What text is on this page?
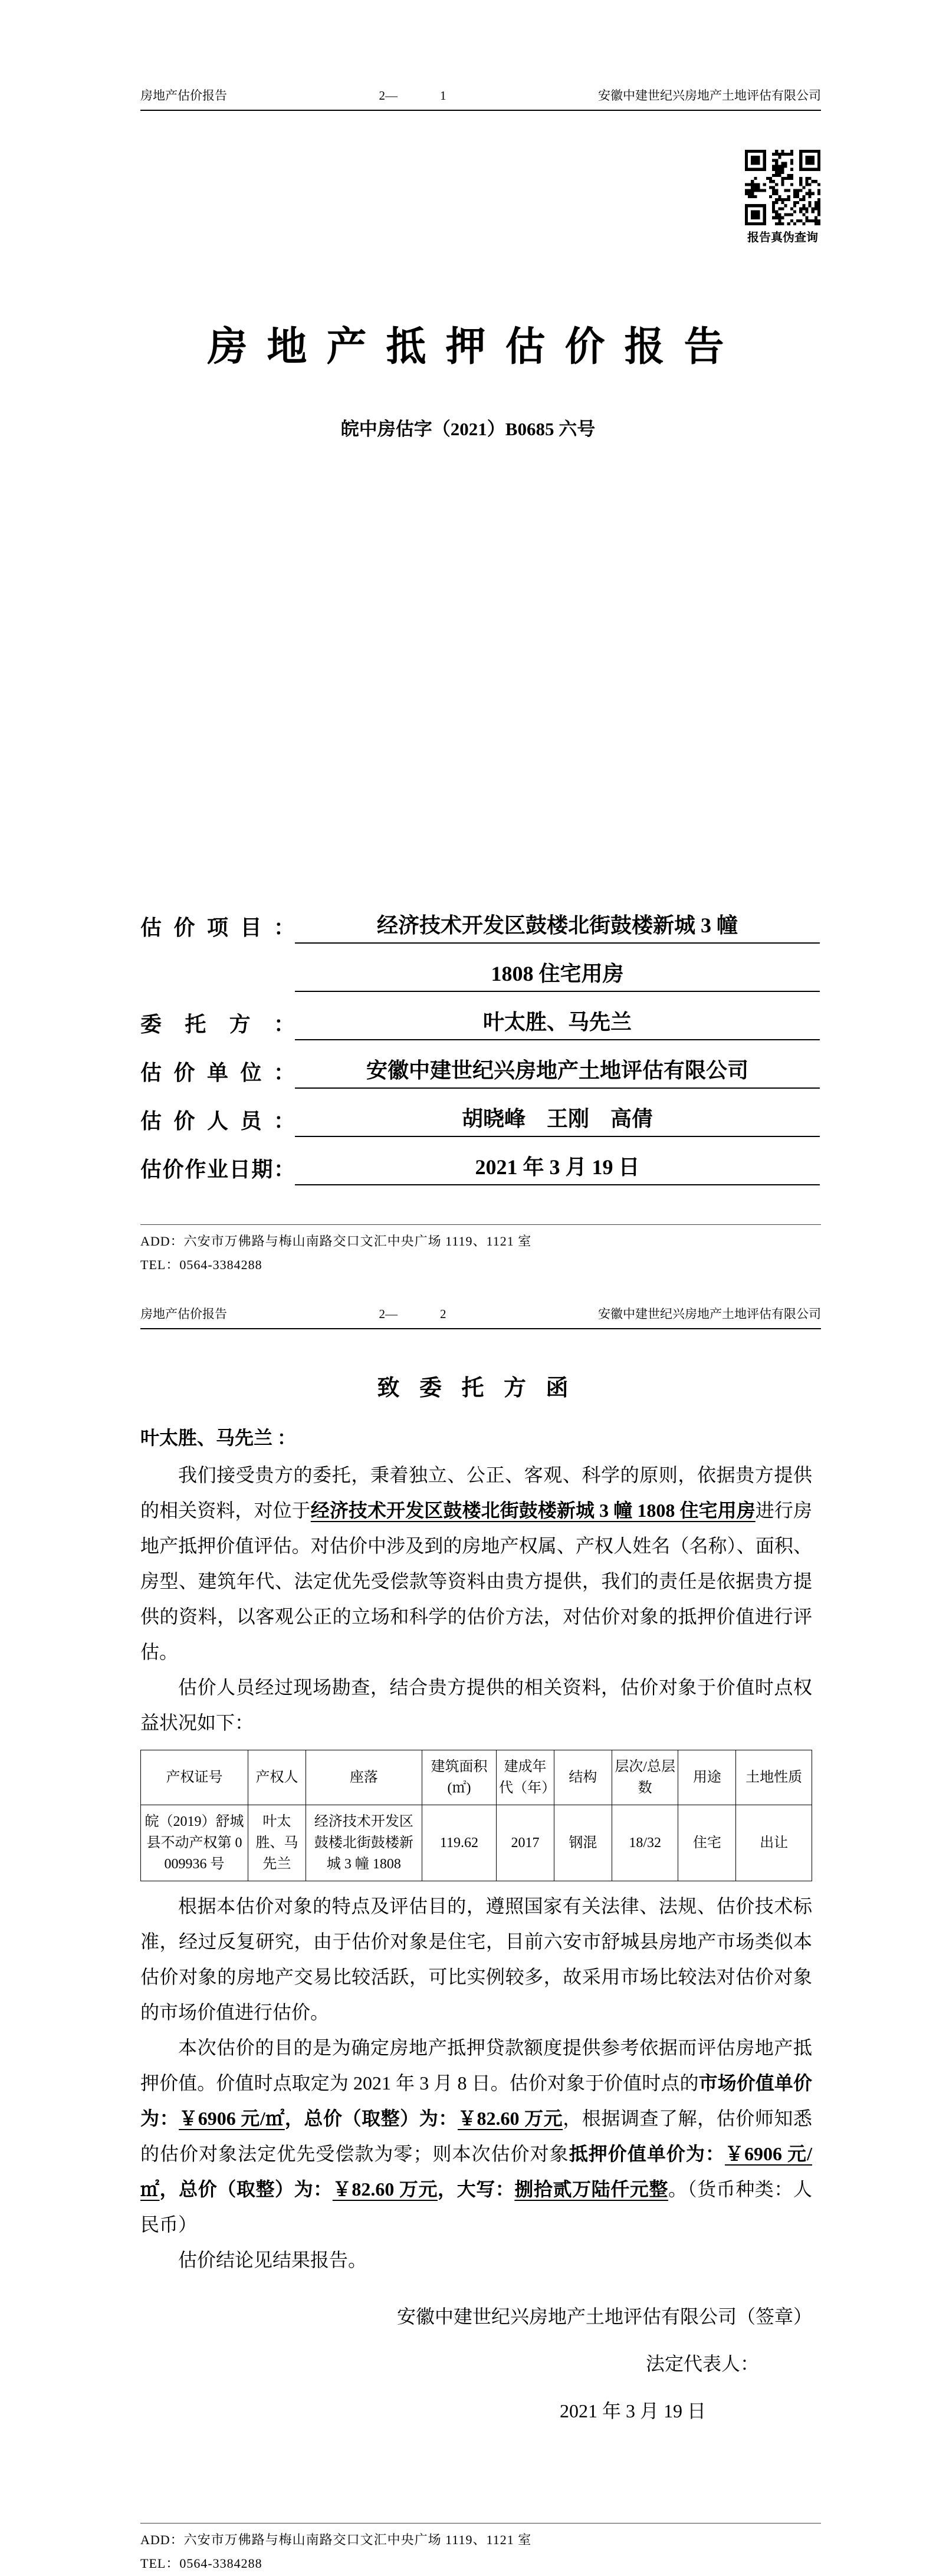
房地产估价报告	2—	1	安徽中建世纪兴房地产土地评估有限公司
报告真伪查询
房 地 产 抵 押 估 价 报 告
皖中房估字（2021）B0685 六号
估价项目：	经济技术开发区鼓楼北街鼓楼新城 3 幢
1808 住宅用房
委托方：	叶太胜、马先兰
估价单位：	安徽中建世纪兴房地产土地评估有限公司
估价人员：	胡晓峰　王刚　高倩
估价作业日期：	2021 年 3 月 19 日
ADD：六安市万佛路与梅山南路交口文汇中央广场 1119、1121 室
TEL：0564-3384288
房地产估价报告	2—	2	安徽中建世纪兴房地产土地评估有限公司
致 委 托 方 函
叶太胜、马先兰 ：

我们接受贵方的委托，秉着独立、公正、客观、科学的原则，依据贵方提供的相关资料，对位于经济技术开发区鼓楼北街鼓楼新城 3 幢 1808 住宅用房进行房地产抵押价值评估。对估价中涉及到的房地产权属、产权人姓名（名称）、面积、房型、建筑年代、法定优先受偿款等资料由贵方提供，我们的责任是依据贵方提供的资料，以客观公正的立场和科学的估价方法，对估价对象的抵押价值进行评估。

估价人员经过现场勘查，结合贵方提供的相关资料，估价对象于价值时点权益状况如下：

产权证号	产权人	座落	建筑面积(㎡)	建成年代（年）	结构	层次/总层数	用途	土地性质
皖（2019）舒城县不动产权第 0009936 号	叶太胜、马先兰	经济技术开发区鼓楼北街鼓楼新城 3 幢 1808	119.62	2017	钢混	18/32	住宅	出让

根据本估价对象的特点及评估目的，遵照国家有关法律、法规、估价技术标准，经过反复研究，由于估价对象是住宅，目前六安市舒城县房地产市场类似本估价对象的房地产交易比较活跃，可比实例较多，故采用市场比较法对估价对象的市场价值进行估价。

本次估价的目的是为确定房地产抵押贷款额度提供参考依据而评估房地产抵押价值。价值时点取定为 2021 年 3 月 8 日。估价对象于价值时点的市场价值单价为：￥6906 元/㎡，总价（取整）为：￥82.60 万元，根据调查了解，估价师知悉的估价对象法定优先受偿款为零；则本次估价对象抵押价值单价为：￥6906 元/㎡，总价（取整）为：￥82.60 万元，大写：捌拾贰万陆仟元整。（货币种类：人民币）

估价结论见结果报告。

安徽中建世纪兴房地产土地评估有限公司（签章）
法定代表人：
2021 年 3 月 19 日
ADD：六安市万佛路与梅山南路交口文汇中央广场 1119、1121 室
TEL：0564-3384288
